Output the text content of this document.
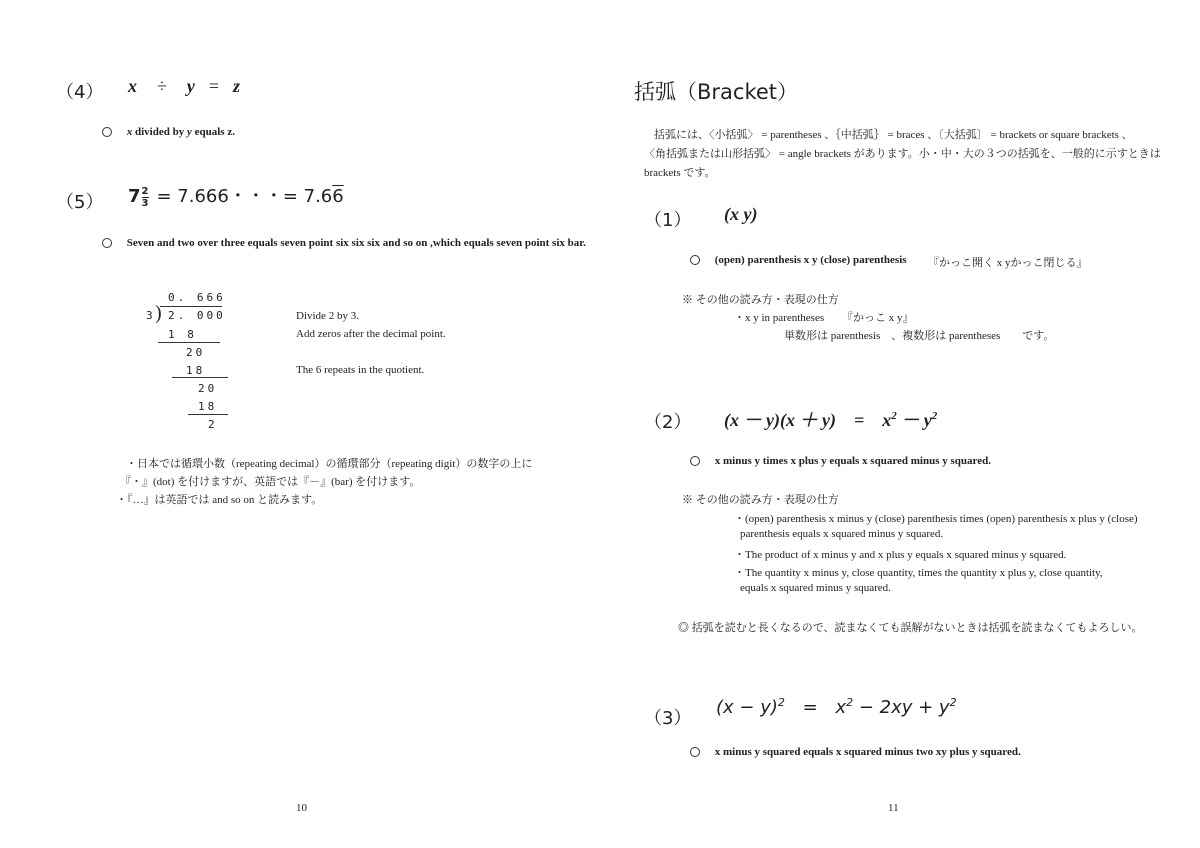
（4） x ÷ y = z
x divided by y equals z.
（5） $7 \frac{2}{3} = 7.666$・・・= 7.66
Seven and two over three equals seven point six six six and so on ,which equals seven point six bar.
0. 666
3 ) 2. 000
1 8
20
18
20
18
2
Divide 2 by 3.
Add zeros after the decimal point.
The 6 repeats in the quotient.
・日本では循環小数（repeating decimal）の循環部分（repeating digit）の数字の上に
『・』(dot) を付けますが、英語では『－』(bar) を付けます。
・『…』は英語では and so on と読みます。
10
括弧（Bracket）
括弧には、〈小括弧〉 = parentheses 、｛中括弧｝ = braces 、〔大括弧〕 = brackets or square brackets 、
〈角括弧または山形括弧〉 = angle brackets があります。小・中・大の３つの括弧を、一般的に示すときは
brackets です。
（1） (x y)
(open) parenthesis x y (close) parenthesis 『かっこ開く x yかっこ閉じる』
※ その他の読み方・表現の仕方
・x y in parentheses 『かっこ x y』
単数形は parenthesis　、複数形は parentheses　　です。
（2） (x － y)(x ＋ y)　=　$x^2 - y^2$
x minus y times x plus y equals x squared minus y squared.
※ その他の読み方・表現の仕方
・(open) parenthesis x minus y (close) parenthesis times (open) parenthesis x plus y (close)
parenthesis equals x squared minus y squared.
・The product of x minus y and x plus y equals x squared minus y squared.
・The quantity x minus y, close quantity, times the quantity x plus y, close quantity,
equals x squared minus y squared.
◎ 括弧を読むと長くなるので、読まなくても誤解がないときは括弧を読まなくてもよろしい。
（3）
$(x - y)^2 = x^2 - 2xy + y^2$
x minus y squared equals x squared minus two xy plus y squared.
11
